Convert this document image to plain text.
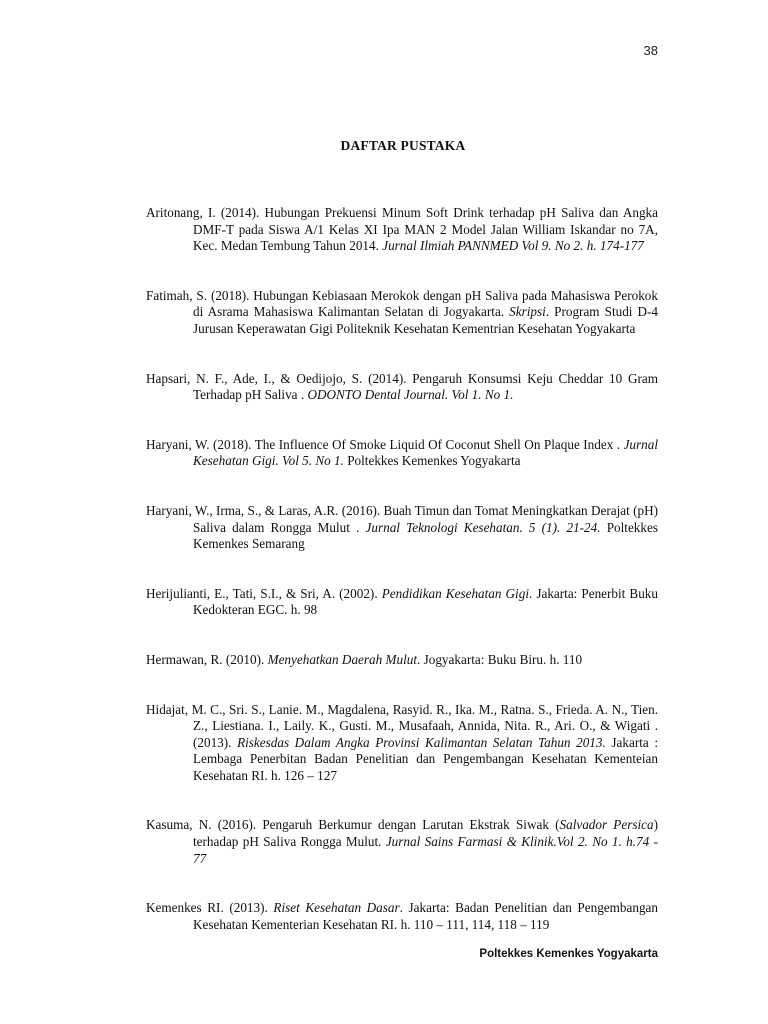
38
DAFTAR PUSTAKA

Aritonang, I. (2014). Hubungan Prekuensi Minum Soft Drink terhadap pH Saliva dan Angka DMF-T pada Siswa A/1 Kelas XI Ipa MAN 2 Model Jalan William Iskandar no 7A, Kec. Medan Tembung Tahun 2014. Jurnal Ilmiah PANNMED Vol 9. No 2. h. 174-177

Fatimah, S. (2018). Hubungan Kebiasaan Merokok dengan pH Saliva pada Mahasiswa Perokok di Asrama Mahasiswa Kalimantan Selatan di Jogyakarta. Skripsi. Program Studi D-4 Jurusan Keperawatan Gigi Politeknik Kesehatan Kementrian Kesehatan Yogyakarta

Hapsari, N. F., Ade, I., & Oedijojo, S. (2014). Pengaruh Konsumsi Keju Cheddar 10 Gram Terhadap pH Saliva . ODONTO Dental Journal. Vol 1. No 1.

Haryani, W. (2018). The Influence Of Smoke Liquid Of Coconut Shell On Plaque Index . Jurnal Kesehatan Gigi. Vol 5. No 1. Poltekkes Kemenkes Yogyakarta

Haryani, W., Irma, S., & Laras, A.R. (2016). Buah Timun dan Tomat Meningkatkan Derajat (pH) Saliva dalam Rongga Mulut . Jurnal Teknologi Kesehatan. 5 (1). 21-24. Poltekkes Kemenkes Semarang

Herijulianti, E., Tati, S.I., & Sri, A. (2002). Pendidikan Kesehatan Gigi. Jakarta: Penerbit Buku Kedokteran EGC. h. 98

Hermawan, R. (2010). Menyehatkan Daerah Mulut. Jogyakarta: Buku Biru. h. 110

Hidajat, M. C., Sri. S., Lanie. M., Magdalena, Rasyid. R., Ika. M., Ratna. S., Frieda. A. N., Tien. Z., Liestiana. I., Laily. K., Gusti. M., Musafaah, Annida, Nita. R., Ari. O., & Wigati . (2013). Riskesdas Dalam Angka Provinsi Kalimantan Selatan Tahun 2013. Jakarta : Lembaga Penerbitan Badan Penelitian dan Pengembangan Kesehatan Kementeian Kesehatan RI. h. 126 – 127

Kasuma, N. (2016). Pengaruh Berkumur dengan Larutan Ekstrak Siwak (Salvador Persica) terhadap pH Saliva Rongga Mulut. Jurnal Sains Farmasi & Klinik.Vol 2. No 1. h.74 - 77

Kemenkes RI. (2013). Riset Kesehatan Dasar. Jakarta: Badan Penelitian dan Pengembangan Kesehatan Kementerian Kesehatan RI. h. 110 – 111, 114, 118 – 119

Poltekkes Kemenkes Yogyakarta
